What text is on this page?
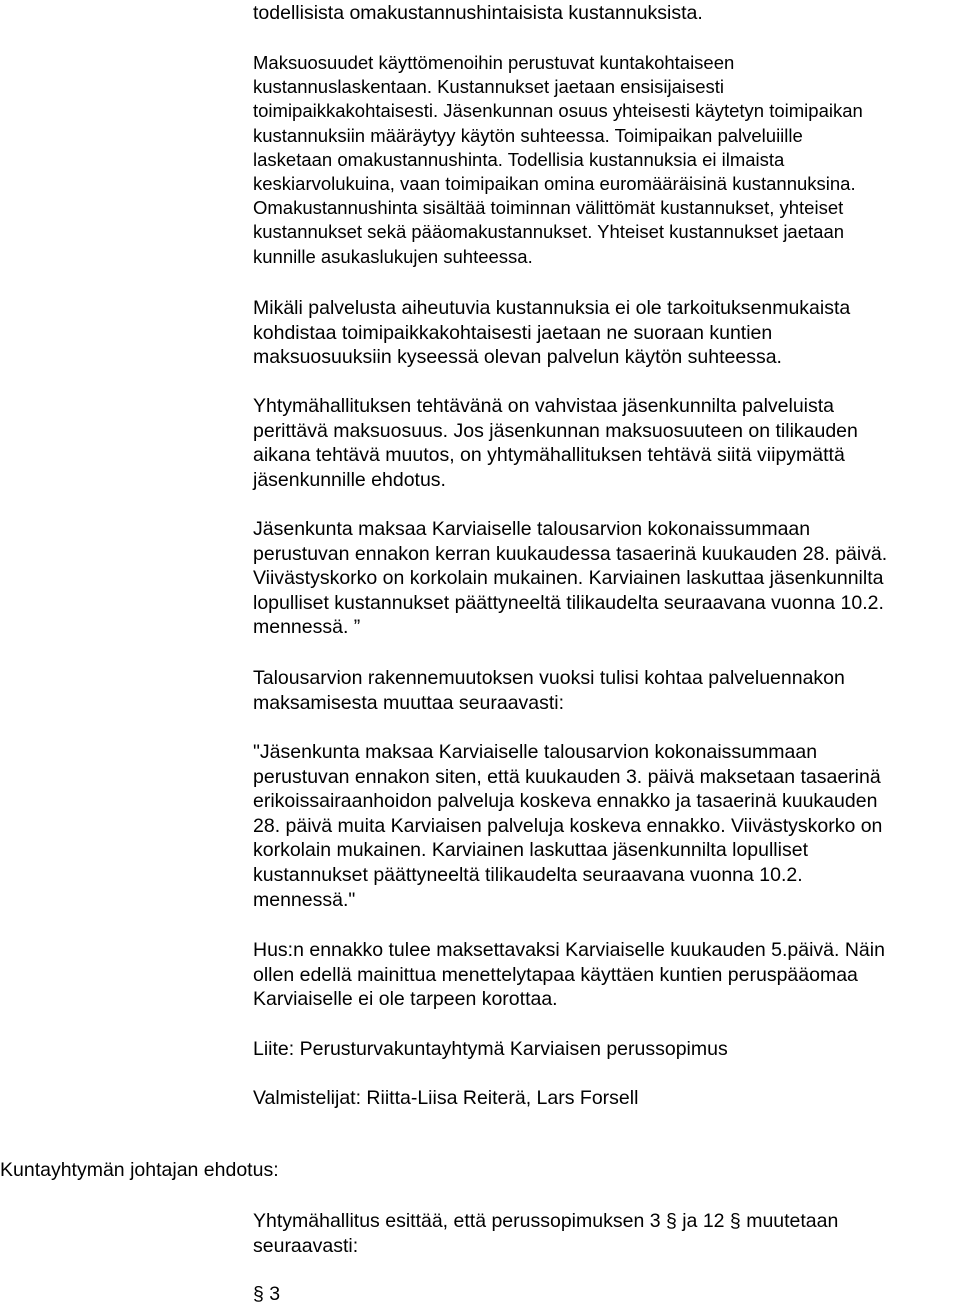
todellisista omakustannushintaisista kustannuksista.

Maksuosuudet käyttömenoihin perustuvat kuntakohtaiseen

kustannuslaskentaan. Kustannukset jaetaan ensisijaisesti

toimipaikkakohtaisesti. Jäsenkunnan osuus yhteisesti käytetyn toimipaikan

kustannuksiin määräytyy käytön suhteessa. Toimipaikan palveluiille

lasketaan omakustannushinta. Todellisia kustannuksia ei ilmaista

keskiarvolukuina, vaan toimipaikan omina euromääräisinä kustannuksina.

Omakustannushinta sisältää toiminnan välittömät kustannukset, yhteiset

kustannukset sekä pääomakustannukset. Yhteiset kustannukset jaetaan

kunnille asukaslukujen suhteessa.

Mikäli palvelusta aiheutuvia kustannuksia ei ole tarkoituksenmukaista

kohdistaa toimipaikkakohtaisesti jaetaan ne suoraan kuntien

maksuosuuksiin kyseessä olevan palvelun käytön suhteessa.

Yhtymähallituksen tehtävänä on vahvistaa jäsenkunnilta palveluista

perittävä maksuosuus. Jos jäsenkunnan maksuosuuteen on tilikauden

aikana tehtävä muutos, on yhtymähallituksen tehtävä siitä viipymättä

jäsenkunnille ehdotus.

Jäsenkunta maksaa Karviaiselle talousarvion kokonaissummaan

perustuvan ennakon kerran kuukaudessa tasaerinä kuukauden 28. päivä.

Viivästyskorko on korkolain mukainen. Karviainen laskuttaa jäsenkunnilta

lopulliset kustannukset päättyneeltä tilikaudelta seuraavana vuonna 10.2.

mennessä. ”

Talousarvion rakennemuutoksen vuoksi tulisi kohtaa palveluennakon

maksamisesta muuttaa seuraavasti:

"Jäsenkunta maksaa Karviaiselle talousarvion kokonaissummaan

perustuvan ennakon siten, että kuukauden 3. päivä maksetaan tasaerinä

erikoissairaanhoidon palveluja koskeva ennakko ja tasaerinä kuukauden

28. päivä muita Karviaisen palveluja koskeva ennakko. Viivästyskorko on

korkolain mukainen. Karviainen laskuttaa jäsenkunnilta lopulliset

kustannukset päättyneeltä tilikaudelta seuraavana vuonna 10.2.

mennessä."

Hus:n ennakko tulee maksettavaksi Karviaiselle kuukauden 5.päivä. Näin

ollen edellä mainittua menettelytapaa käyttäen kuntien peruspääomaa

Karviaiselle ei ole tarpeen korottaa.

Liite: Perusturvakuntayhtymä Karviaisen perussopimus

Valmistelijat: Riitta-Liisa Reiterä, Lars Forsell

Kuntayhtymän johtajan ehdotus:

Yhtymähallitus esittää, että perussopimuksen 3 § ja 12 § muutetaan

seuraavasti:

§ 3
